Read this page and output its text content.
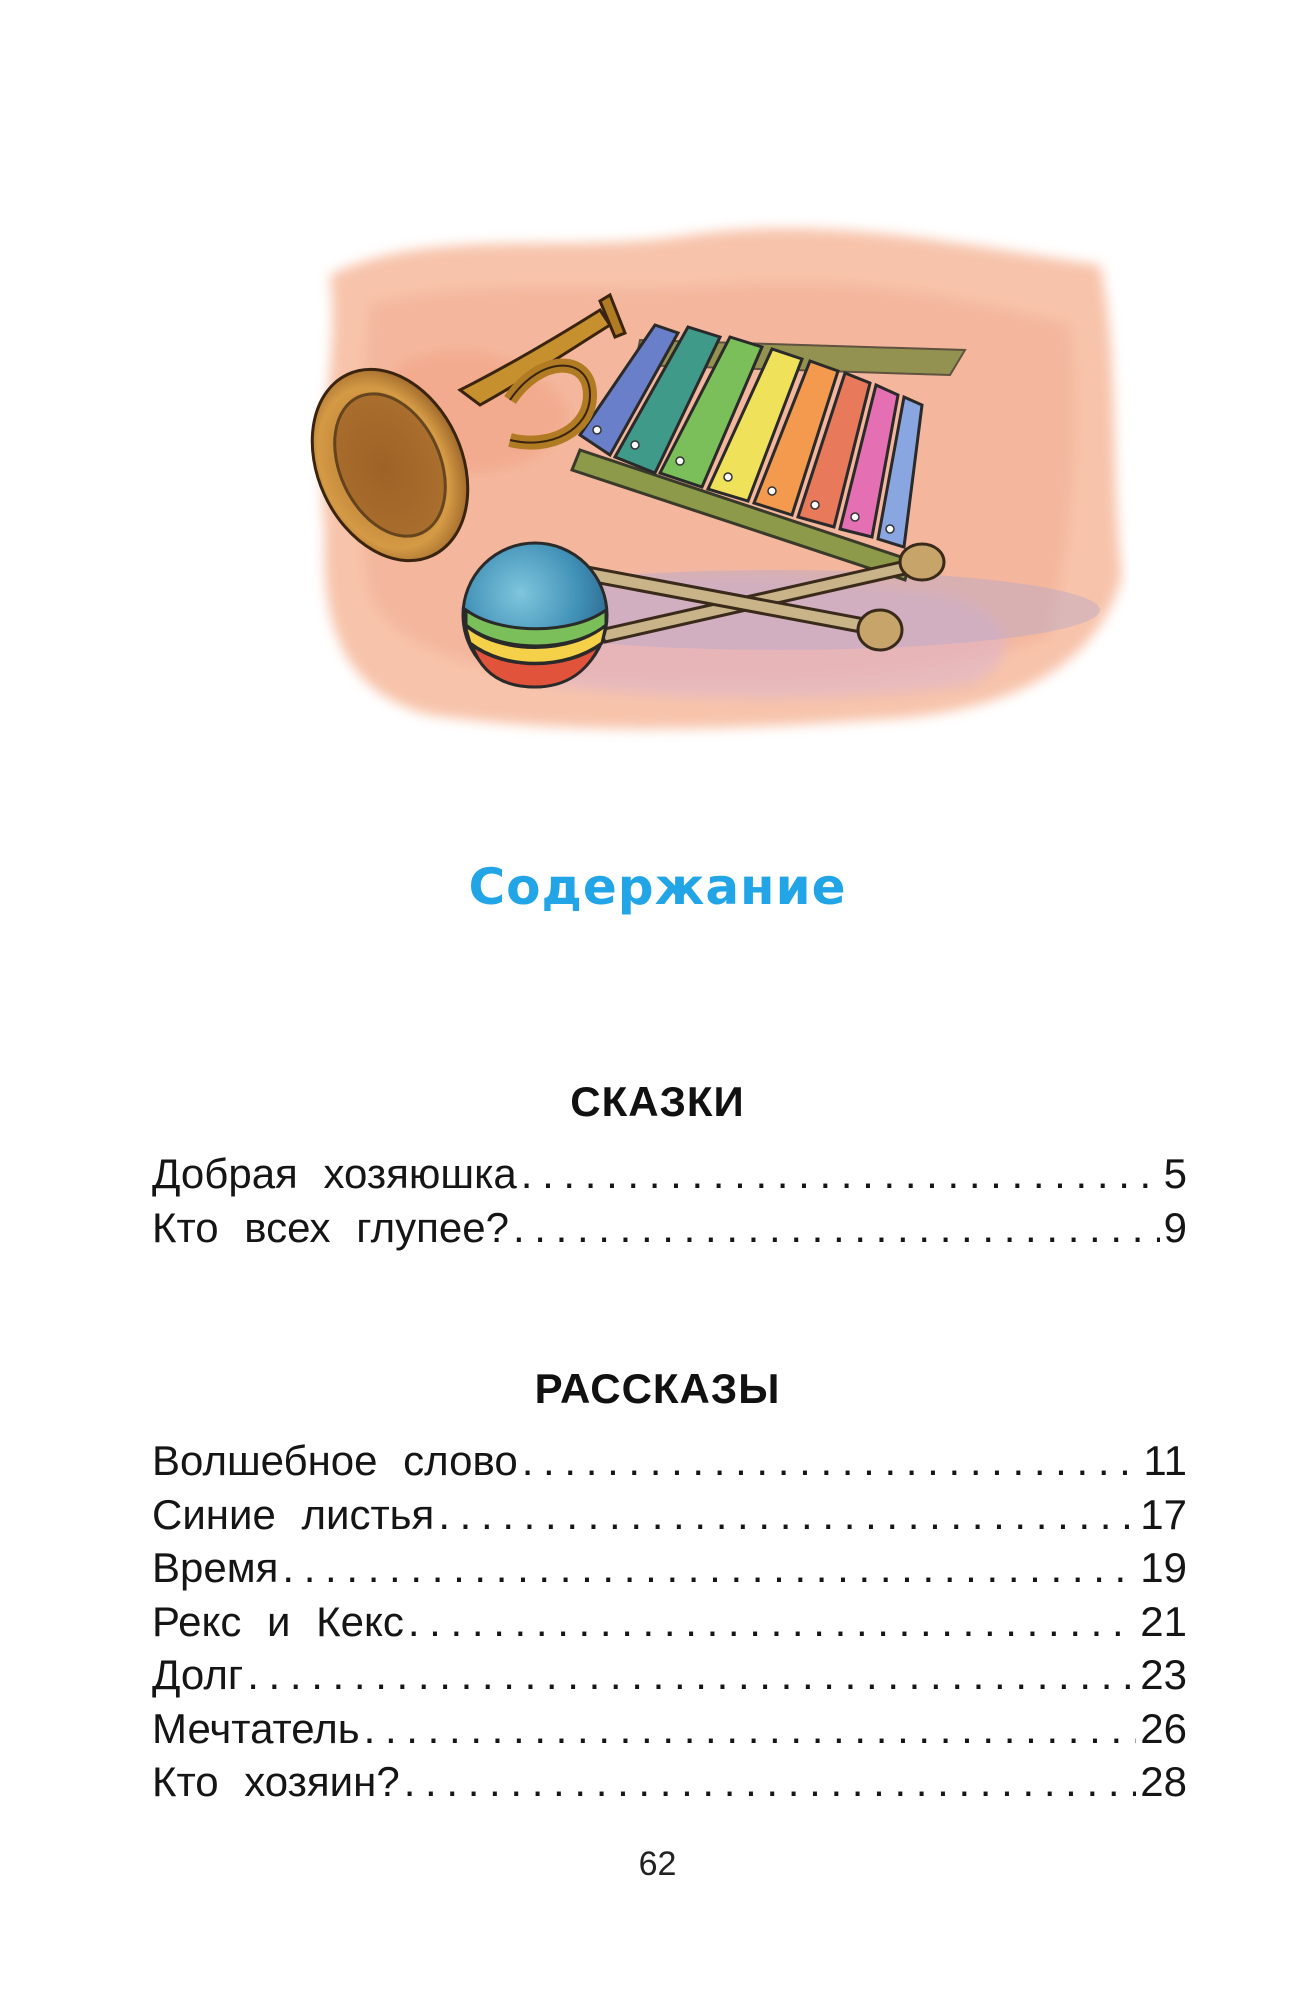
Содержание
СКАЗКИ
Добрая хозяюшка . . .	5
Кто всех глупее? . . .	9
РАССКАЗЫ
Волшебное слово . . .	11
Синие листья . . .	17
Время . . .	19
Рекс и Кекс . . .	21
Долг . . .	23
Мечтатель . . .	26
Кто хозяин? . . .	28
62
